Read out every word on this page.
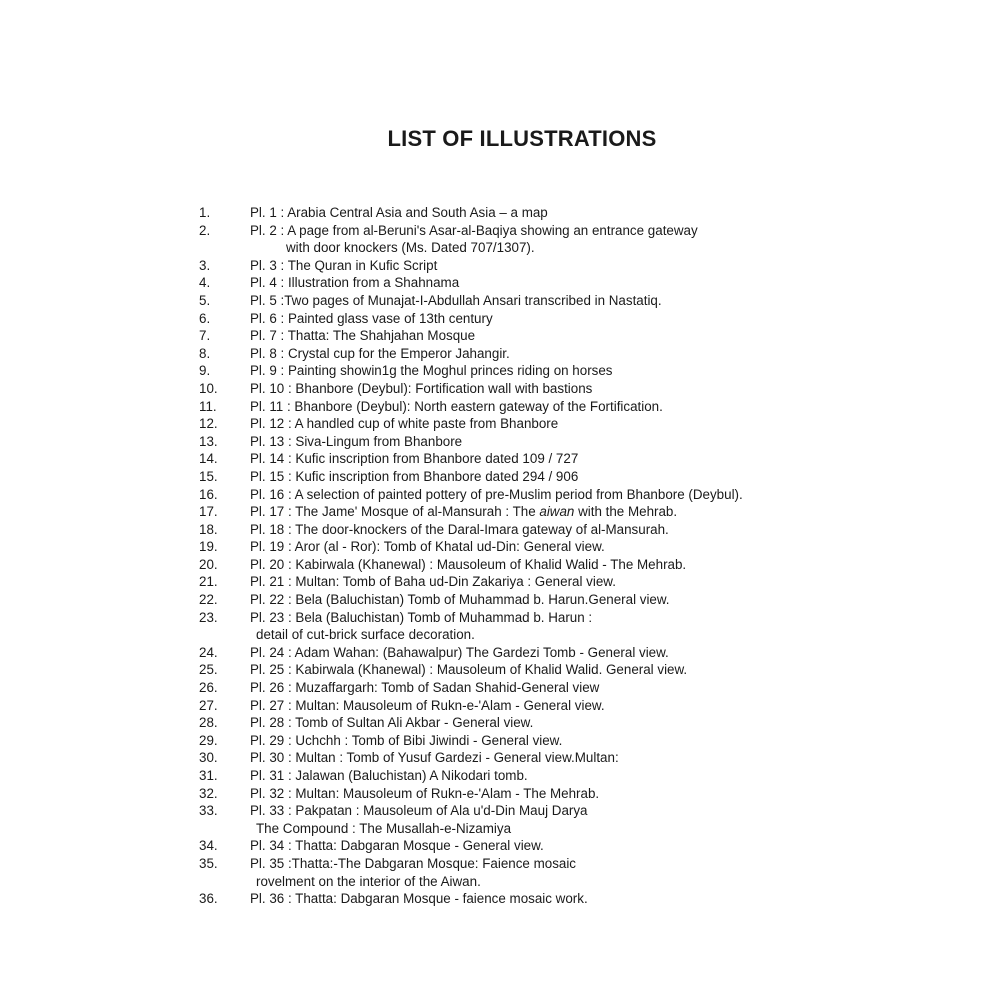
LIST OF ILLUSTRATIONS
1.	Pl. 1 : Arabia Central Asia and South Asia – a map

2.	Pl. 2 : A page from al-Beruni's Asar-al-Baqiya showing an entrance gateway

with door knockers (Ms. Dated 707/1307).

3.	Pl. 3 : The Quran in Kufic Script

4.	Pl. 4 : Illustration from a Shahnama

5.	Pl. 5 :Two pages of Munajat-I-Abdullah Ansari transcribed in Nastatiq.

6.	Pl. 6 : Painted glass vase of 13th century

7.	Pl. 7 : Thatta: The Shahjahan Mosque

8.	Pl. 8 : Crystal cup for the Emperor Jahangir.

9.	Pl. 9 : Painting showin1g the Moghul princes riding on horses

10.	Pl. 10 : Bhanbore (Deybul): Fortification wall with bastions

11.	Pl. 11 : Bhanbore (Deybul): North eastern gateway of the Fortification.

12.	Pl. 12 : A handled cup of white paste from Bhanbore

13.	Pl. 13 : Siva-Lingum from Bhanbore

14.	Pl. 14 : Kufic inscription from Bhanbore dated 109 / 727

15.	Pl. 15 : Kufic inscription from Bhanbore dated 294 / 906

16.	Pl. 16 : A selection of painted pottery of pre-Muslim period from Bhanbore (Deybul).

17.	Pl. 17 : The Jame' Mosque of al-Mansurah : The aiwan with the Mehrab.

18.	Pl. 18 : The door-knockers of the Daral-Imara gateway of al-Mansurah.

19.	Pl. 19 : Aror (al - Ror): Tomb of Khatal ud-Din: General view.

20.	Pl. 20 : Kabirwala (Khanewal) : Mausoleum of Khalid Walid - The Mehrab.

21.	Pl. 21 : Multan: Tomb of Baha ud-Din Zakariya : General view.

22.	Pl. 22 : Bela (Baluchistan) Tomb of Muhammad b. Harun.General view.

23.	Pl. 23 : Bela (Baluchistan) Tomb of Muhammad b. Harun :

detail of cut-brick surface decoration.

24.	Pl. 24 : Adam Wahan: (Bahawalpur) The Gardezi Tomb - General view.

25.	Pl. 25 : Kabirwala (Khanewal) : Mausoleum of Khalid Walid. General view.

26.	Pl. 26 : Muzaffargarh: Tomb of Sadan Shahid-General view

27.	Pl. 27 : Multan: Mausoleum of Rukn-e-'Alam - General view.

28.	Pl. 28 : Tomb of Sultan Ali Akbar - General view.

29.	Pl. 29 : Uchchh : Tomb of Bibi Jiwindi - General view.

30.	Pl. 30 : Multan : Tomb of Yusuf Gardezi - General view.Multan:

31.	Pl. 31 : Jalawan (Baluchistan) A Nikodari tomb.

32.	Pl. 32 : Multan: Mausoleum of Rukn-e-'Alam - The Mehrab.

33.	Pl. 33 : Pakpatan : Mausoleum of Ala u'd-Din Mauj Darya

The Compound : The Musallah-e-Nizamiya

34.	Pl. 34 : Thatta: Dabgaran Mosque - General view.

35.	Pl. 35 :Thatta:-The Dabgaran Mosque: Faience mosaic

rovelment on the interior of the Aiwan.

36.	Pl. 36 : Thatta: Dabgaran Mosque - faience mosaic work.
